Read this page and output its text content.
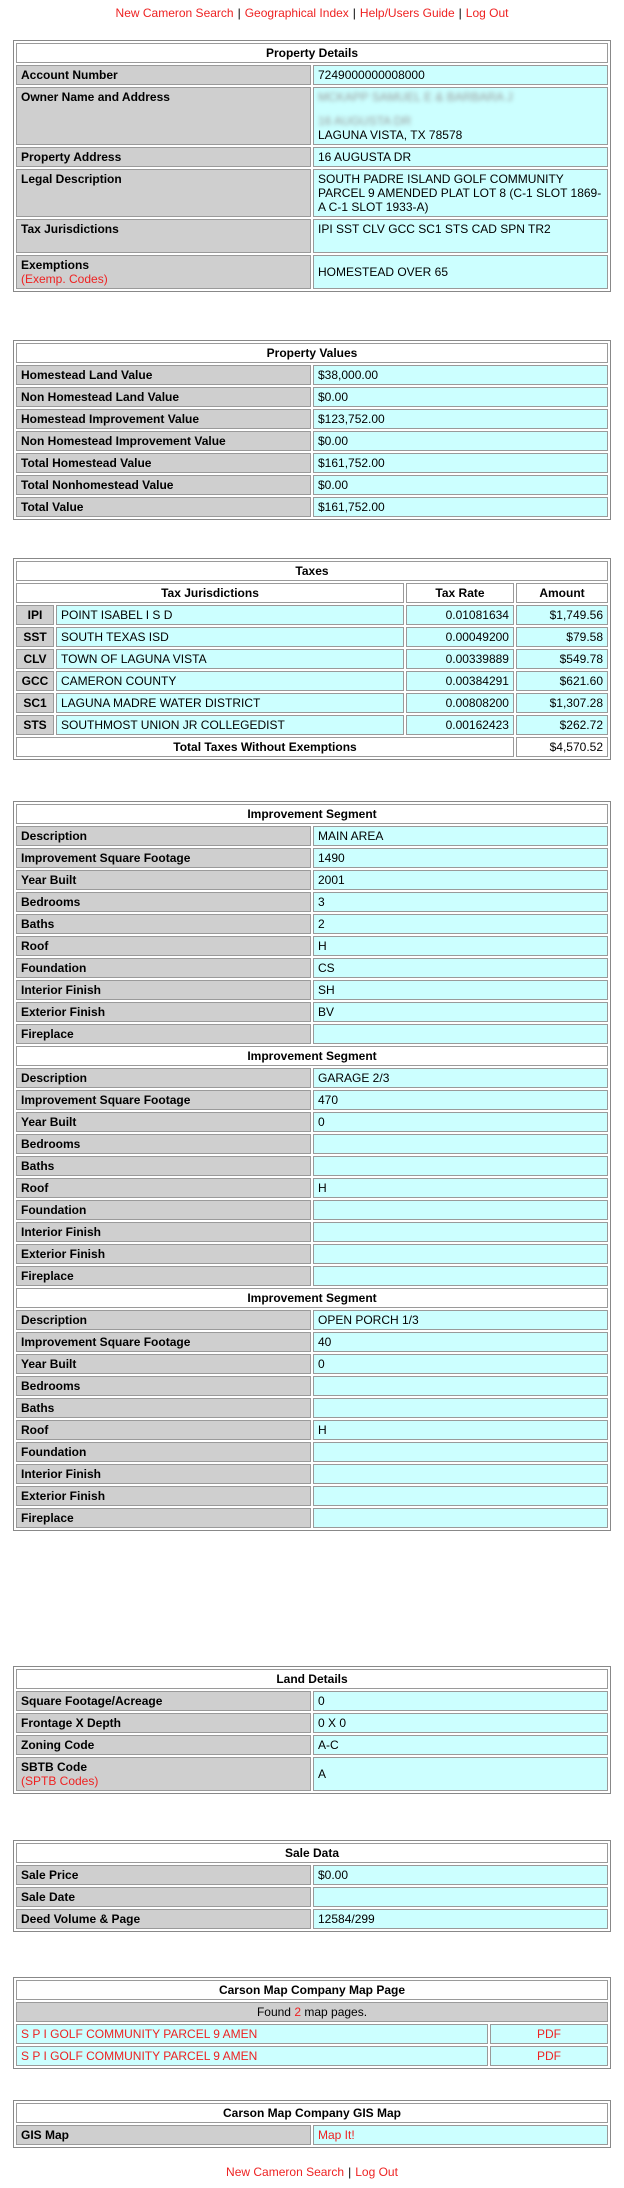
New Cameron Search | Geographical Index | Help/Users Guide | Log Out
Property Details	
Account Number	7249000000008000
Owner Name and Address	MCKAPP SAMUEL E & BARBARA J
16 AUGUSTA DR
LAGUNA VISTA, TX 78578

Property Address	16 AUGUSTA DR
Legal Description	SOUTH PADRE ISLAND GOLF COMMUNITY PARCEL 9 AMENDED PLAT LOT 8 (C-1 SLOT 1869-A C-1 SLOT 1933-A)
Tax Jurisdictions	IPI SST CLV GCC SC1 STS CAD SPN TR2

Exemptions
(Exemp. Codes)	HOMESTEAD OVER 65
Property Values	
Homestead Land Value	$38,000.00
Non Homestead Land Value	$0.00
Homestead Improvement Value	$123,752.00
Non Homestead Improvement Value	$0.00
Total Homestead Value	$161,752.00
Total Nonhomestead Value	$0.00
Total Value	$161,752.00
Taxes			
Tax Jurisdictions		Tax Rate	Amount
IPI	POINT ISABEL I S D	0.01081634	$1,749.56
SST	SOUTH TEXAS ISD	0.00049200	$79.58
CLV	TOWN OF LAGUNA VISTA	0.00339889	$549.78
GCC	CAMERON COUNTY	0.00384291	$621.60
SC1	LAGUNA MADRE WATER DISTRICT	0.00808200	$1,307.28
STS	SOUTHMOST UNION JR COLLEGEDIST	0.00162423	$262.72
Total Taxes Without Exemptions			$4,570.52
Improvement Segment	
Description	MAIN AREA
Improvement Square Footage	1490
Year Built	2001
Bedrooms	3
Baths	2
Roof	H
Foundation	CS
Interior Finish	SH
Exterior Finish	BV
Fireplace	
Improvement Segment	
Description	GARAGE 2/3
Improvement Square Footage	470
Year Built	0
Bedrooms	
Baths	
Roof	H
Foundation	
Interior Finish	
Exterior Finish	
Fireplace	
Improvement Segment	
Description	OPEN PORCH 1/3
Improvement Square Footage	40
Year Built	0
Bedrooms	
Baths	
Roof	H
Foundation	
Interior Finish	
Exterior Finish	
Fireplace	
Land Details	
Square Footage/Acreage	0
Frontage X Depth	0 X 0
Zoning Code	A-C

SBTB Code
(SPTB Codes)	A
Sale Data	
Sale Price	$0.00
Sale Date	
Deed Volume & Page	12584/299
Carson Map Company Map Page	
Found 2 map pages.	
S P I GOLF COMMUNITY PARCEL 9 AMEN	PDF
S P I GOLF COMMUNITY PARCEL 9 AMEN	PDF
Carson Map Company GIS Map
GIS Map	Map It!
New Cameron Search | Log Out
